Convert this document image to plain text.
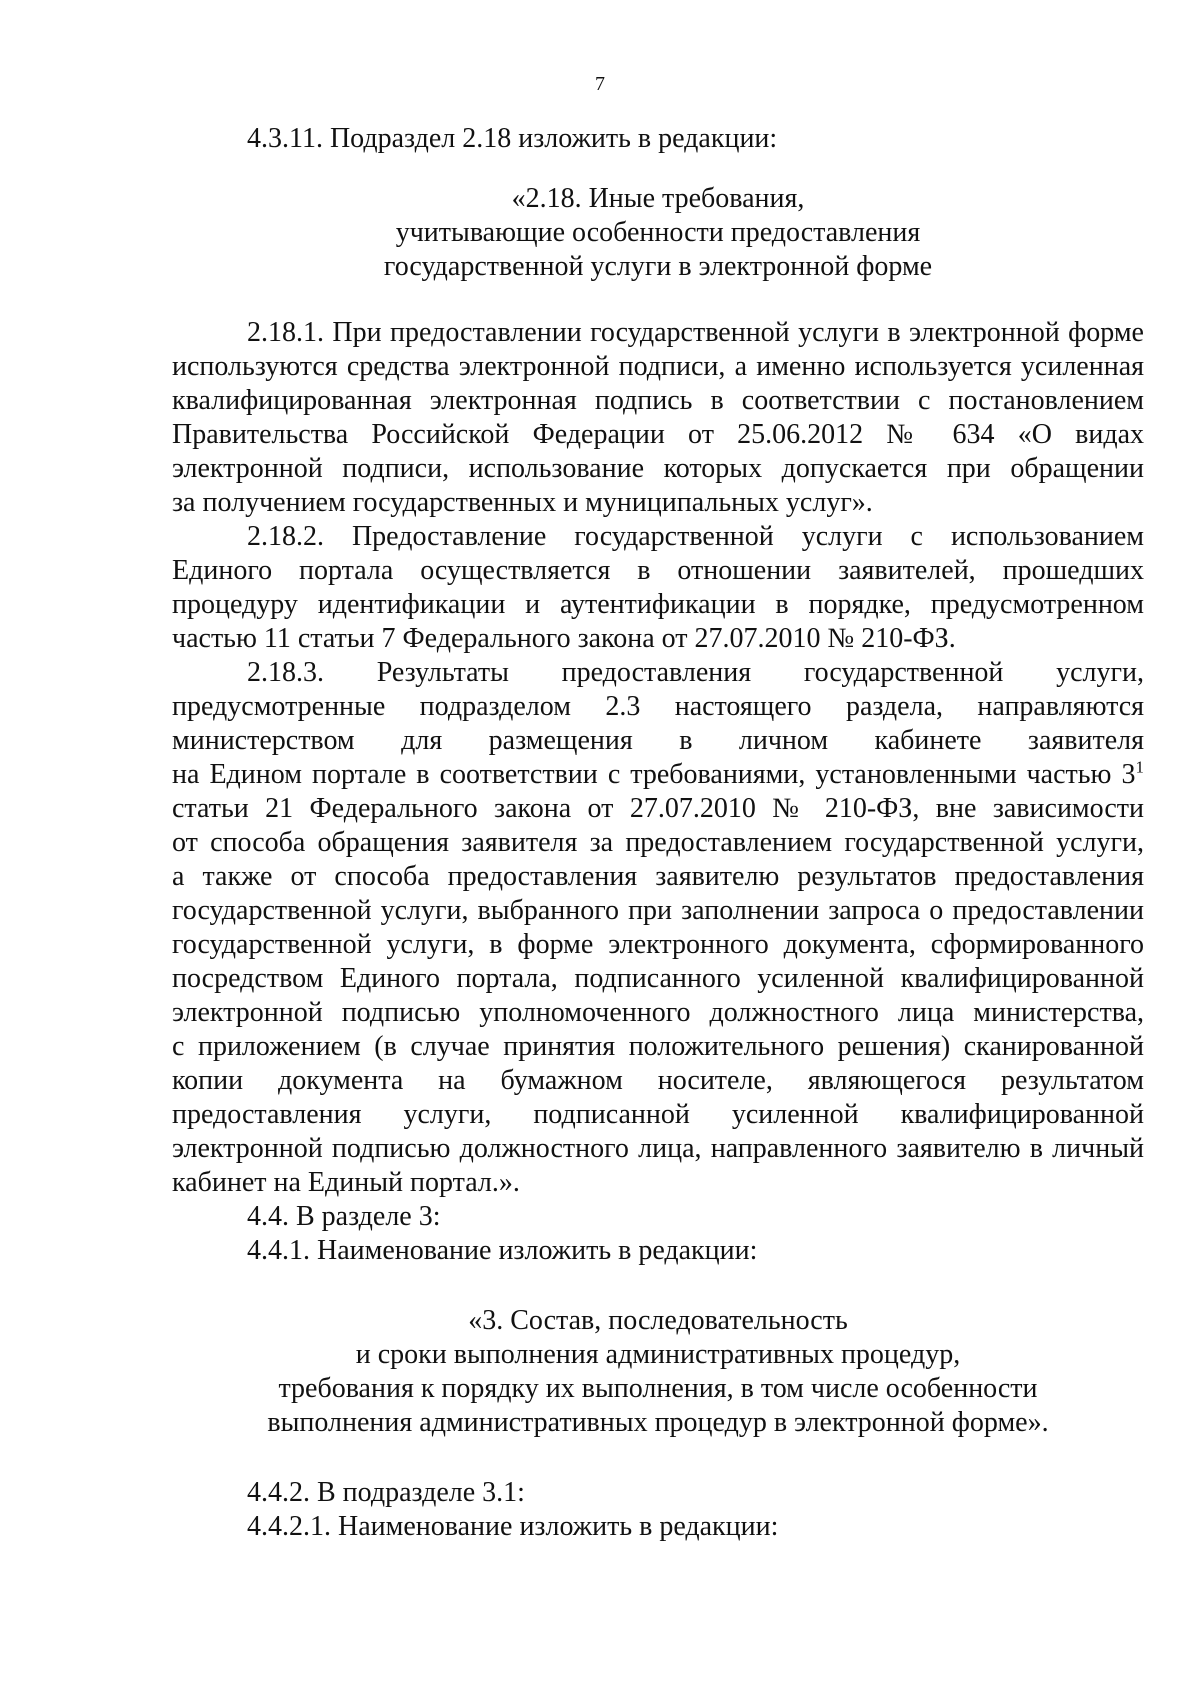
7

4.3.11. Подраздел 2.18 изложить в редакции:

«2.18. Иные требования,
учитывающие особенности предоставления
государственной услуги в электронной форме
2.18.1. При предоставлении государственной услуги в электронной форме
используются средства электронной подписи, а именно используется усиленная
квалифицированная электронная подпись в соответствии с постановлением
Правительства Российской Федерации от 25.06.2012 № 634 «О видах
электронной подписи, использование которых допускается при обращении
за получением государственных и муниципальных услуг».
2.18.2. Предоставление государственной услуги с использованием
Единого портала осуществляется в отношении заявителей, прошедших
процедуру идентификации и аутентификации в порядке, предусмотренном
частью 11 статьи 7 Федерального закона от 27.07.2010 № 210-ФЗ.
2.18.3. Результаты предоставления государственной услуги,
предусмотренные подразделом 2.3 настоящего раздела, направляются
министерством для размещения в личном кабинете заявителя
на Едином портале в соответствии с требованиями, установленными частью $3^1$
статьи 21 Федерального закона от 27.07.2010 № 210-ФЗ, вне зависимости
от способа обращения заявителя за предоставлением государственной услуги,
а также от способа предоставления заявителю результатов предоставления
государственной услуги, выбранного при заполнении запроса о предоставлении
государственной услуги, в форме электронного документа, сформированного
посредством Единого портала, подписанного усиленной квалифицированной
электронной подписью уполномоченного должностного лица министерства,
с приложением (в случае принятия положительного решения) сканированной
копии документа на бумажном носителе, являющегося результатом
предоставления услуги, подписанной усиленной квалифицированной
электронной подписью должностного лица, направленного заявителю в личный
кабинет на Единый портал.».

4.4. В разделе 3:

4.4.1. Наименование изложить в редакции:

«3. Состав, последовательность
и сроки выполнения административных процедур,
требования к порядку их выполнения, в том числе особенности
выполнения административных процедур в электронной форме».

4.4.2. В подразделе 3.1:

4.4.2.1. Наименование изложить в редакции:
